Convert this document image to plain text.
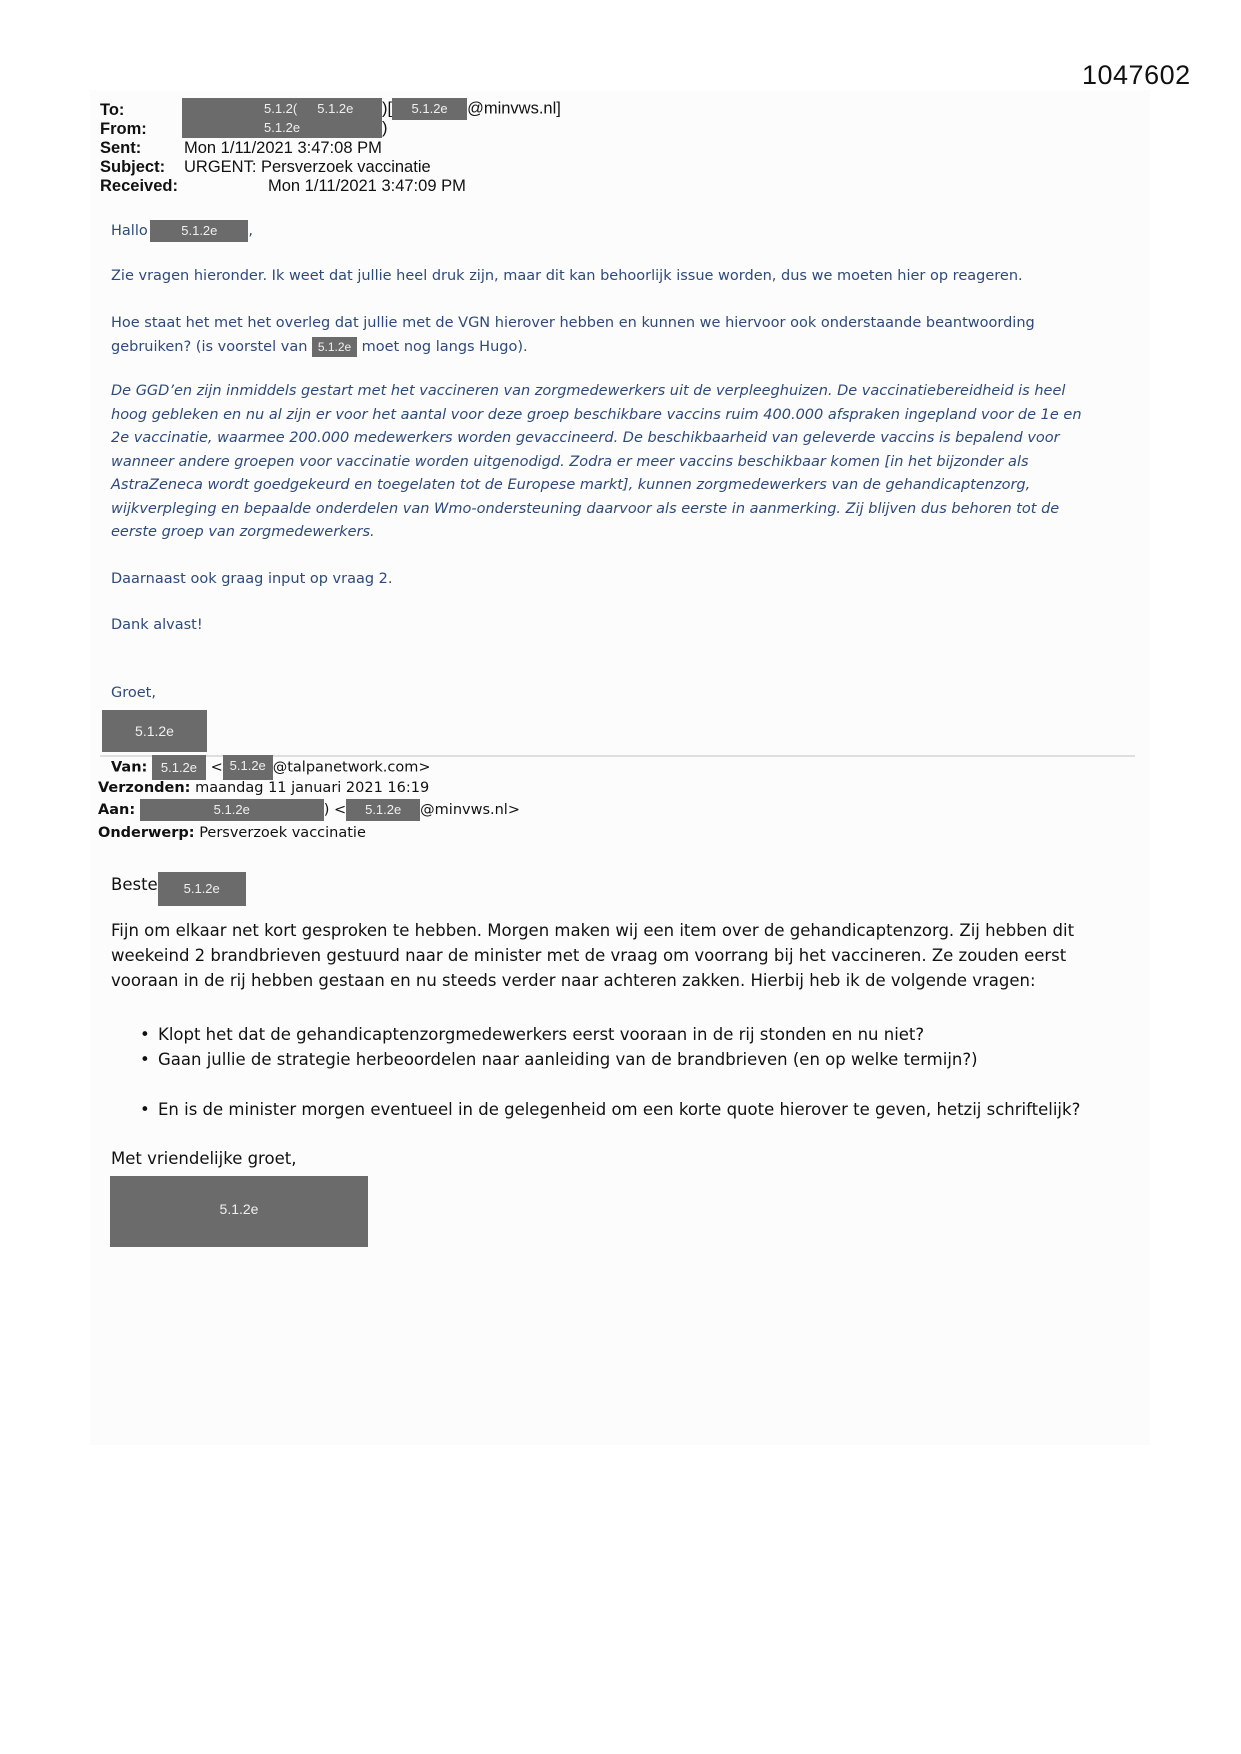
1047602
To:	5.1.2( 5.1.2e )[ 5.1.2e @minvws.nl]
From:	5.1.2e	)
Sent:	Mon 1/11/2021 3:47:08 PM
Subject: URGENT: Persverzoek vaccinatie
Received:	Mon 1/11/2021 3:47:09 PM
Hallo	5.1.2e ,
Zie vragen hieronder. Ik weet dat jullie heel druk zijn, maar dit kan behoorlijk issue worden, dus we moeten hier op reageren.
Hoe staat het met het overleg dat jullie met de VGN hierover hebben en kunnen we hiervoor ook onderstaande beantwoording
gebruiken? (is voorstel van 5.1.2e moet nog langs Hugo).
De GGD’en zijn inmiddels gestart met het vaccineren van zorgmedewerkers uit de verpleeghuizen. De vaccinatiebereidheid is heel
hoog gebleken en nu al zijn er voor het aantal voor deze groep beschikbare vaccins ruim 400.000 afspraken ingepland voor de 1e en
2e vaccinatie, waarmee 200.000 medewerkers worden gevaccineerd. De beschikbaarheid van geleverde vaccins is bepalend voor
wanneer andere groepen voor vaccinatie worden uitgenodigd. Zodra er meer vaccins beschikbaar komen [in het bijzonder als
AstraZeneca wordt goedgekeurd en toegelaten tot de Europese markt], kunnen zorgmedewerkers van de gehandicaptenzorg,
wijkverpleging en bepaalde onderdelen van Wmo-ondersteuning daarvoor als eerste in aanmerking. Zij blijven dus behoren tot de
eerste groep van zorgmedewerkers.
Daarnaast ook graag input op vraag 2.
Dank alvast!
Groet,
5.1.2e
Van: 5.1.2e < 5.1.2e @talpanetwork.com>
Verzonden: maandag 11 januari 2021 16:19
Aan:	5.1.2e	) < 5.1.2e @minvws.nl>
Onderwerp: Persverzoek vaccinatie
Beste 5.1.2e
Fijn om elkaar net kort gesproken te hebben. Morgen maken wij een item over de gehandicaptenzorg. Zij hebben dit
weekeind 2 brandbrieven gestuurd naar de minister met de vraag om voorrang bij het vaccineren. Ze zouden eerst
vooraan in de rij hebben gestaan en nu steeds verder naar achteren zakken. Hierbij heb ik de volgende vragen:
• Klopt het dat de gehandicaptenzorgmedewerkers eerst vooraan in de rij stonden en nu niet?
• Gaan jullie de strategie herbeoordelen naar aanleiding van de brandbrieven (en op welke termijn?)
• En is de minister morgen eventueel in de gelegenheid om een korte quote hierover te geven, hetzij schriftelijk?
Met vriendelijke groet,
5.1.2e
